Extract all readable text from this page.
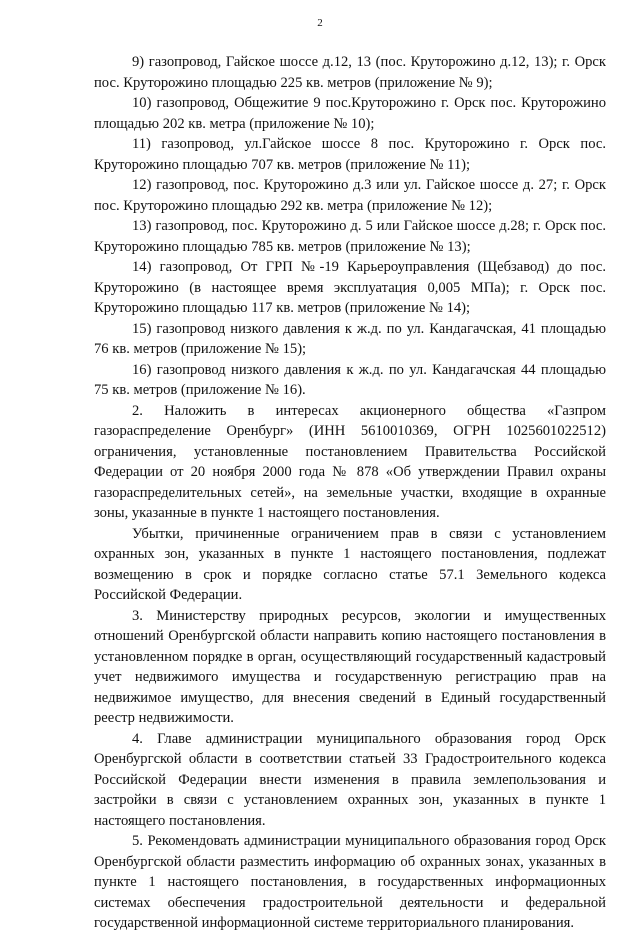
2

9) газопровод, Гайское шоссе д.12, 13 (пос. Круторожино д.12, 13); г. Орск пос. Круторожино площадью 225 кв. метров (приложение № 9);

10) газопровод, Общежитие 9 пос.Круторожино г. Орск пос. Круторожино площадью 202 кв. метра (приложение № 10);

11) газопровод, ул.Гайское шоссе 8 пос. Круторожино г. Орск пос. Круторожино площадью 707 кв. метров (приложение № 11);

12) газопровод, пос. Круторожино д.3 или ул. Гайское шоссе д. 27; г. Орск пос. Круторожино площадью 292 кв. метра (приложение № 12);

13) газопровод, пос. Круторожино д. 5 или Гайское шоссе д.28; г. Орск пос. Круторожино площадью 785 кв. метров (приложение № 13);

14) газопровод, От ГРП №-19 Карьероуправления (Щебзавод) до пос. Круторожино (в настоящее время эксплуатация 0,005 МПа); г. Орск пос. Круторожино площадью 117 кв. метров (приложение № 14);

15) газопровод низкого давления к ж.д. по ул. Кандагачская, 41 площадью 76 кв. метров (приложение № 15);

16) газопровод низкого давления к ж.д. по ул. Кандагачская 44 площадью 75 кв. метров (приложение № 16).

2. Наложить в интересах акционерного общества «Газпром газораспределение Оренбург» (ИНН 5610010369, ОГРН 1025601022512) ограничения, установленные постановлением Правительства Российской Федерации от 20 ноября 2000 года № 878 «Об утверждении Правил охраны газораспределительных сетей», на земельные участки, входящие в охранные зоны, указанные в пункте 1 настоящего постановления.

Убытки, причиненные ограничением прав в связи с установлением охранных зон, указанных в пункте 1 настоящего постановления, подлежат возмещению в срок и порядке согласно статье 57.1 Земельного кодекса Российской Федерации.

3. Министерству природных ресурсов, экологии и имущественных отношений Оренбургской области направить копию настоящего постановления в установленном порядке в орган, осуществляющий государственный кадастровый учет недвижимого имущества и государственную регистрацию прав на недвижимое имущество, для внесения сведений в Единый государственный реестр недвижимости.

4. Главе администрации муниципального образования город Орск Оренбургской области в соответствии статьей 33 Градостроительного кодекса Российской Федерации внести изменения в правила землепользования и застройки в связи с установлением охранных зон, указанных в пункте 1 настоящего постановления.

5. Рекомендовать администрации муниципального образования город Орск Оренбургской области разместить информацию об охранных зонах, указанных в пункте 1 настоящего постановления, в государственных информационных системах обеспечения градостроительной деятельности и федеральной государственной информационной системе территориального планирования.
